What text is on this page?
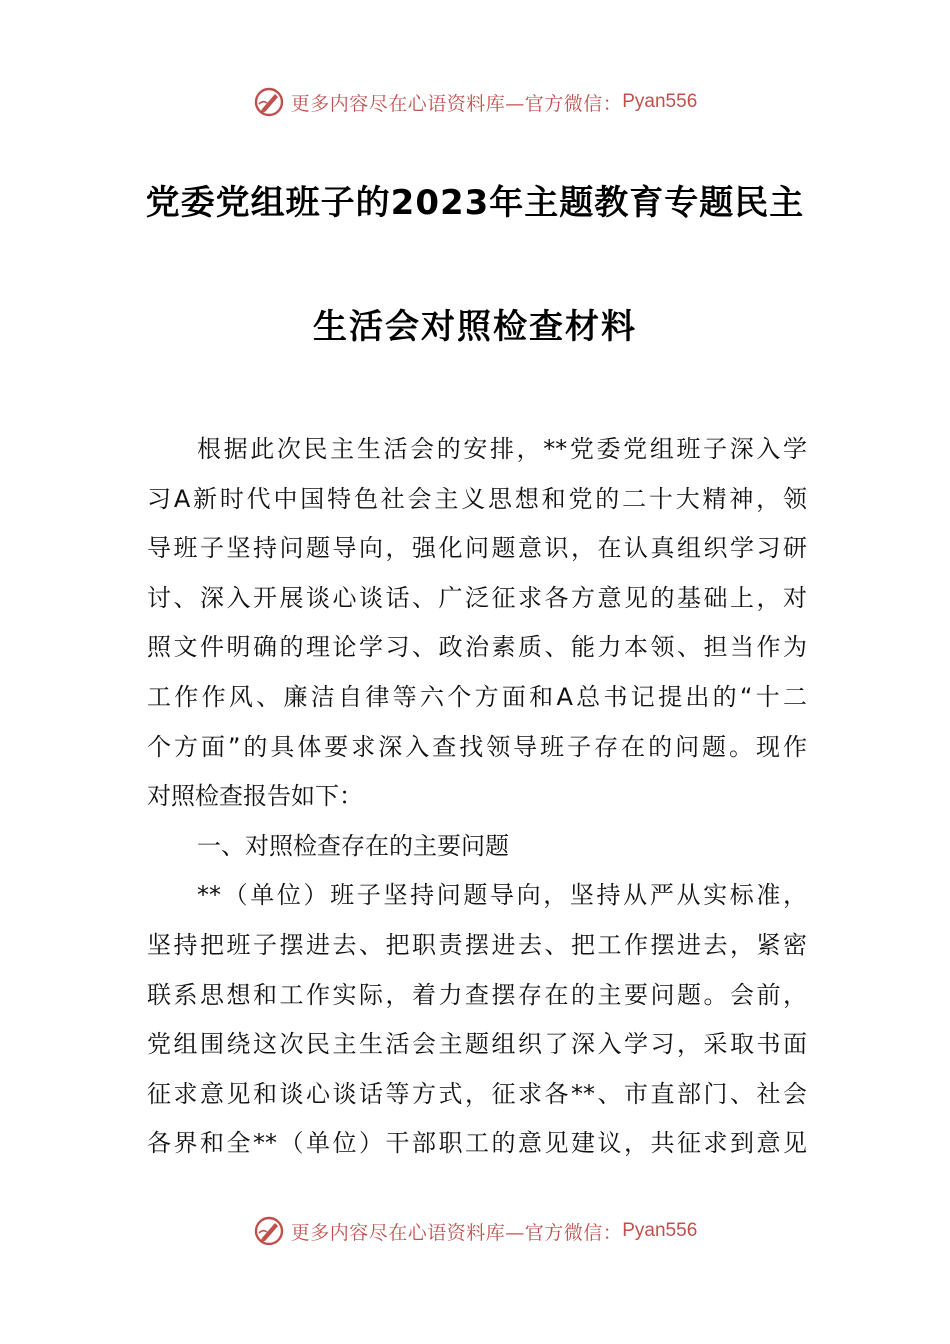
更多内容尽在心语资料库—官方微信： Pyan556
党委党组班子的2023年主题教育专题民主
生活会对照检查材料
根据此次民主生活会的安排，**党委党组班子深入学
习A新时代中国特色社会主义思想和党的二十大精神，领
导班子坚持问题导向，强化问题意识，在认真组织学习研
讨、深入开展谈心谈话、广泛征求各方意见的基础上，对
照文件明确的理论学习、政治素质、能力本领、担当作为
工作作风、廉洁自律等六个方面和A总书记提出的“十二
个方面”的具体要求深入查找领导班子存在的问题。现作
对照检查报告如下：
一、对照检查存在的主要问题
**（单位）班子坚持问题导向，坚持从严从实标准，
坚持把班子摆进去、把职责摆进去、把工作摆进去，紧密
联系思想和工作实际，着力查摆存在的主要问题。会前，
党组围绕这次民主生活会主题组织了深入学习，采取书面
征求意见和谈心谈话等方式，征求各**、市直部门、社会
各界和全**（单位）干部职工的意见建议，共征求到意见
更多内容尽在心语资料库—官方微信： Pyan556
